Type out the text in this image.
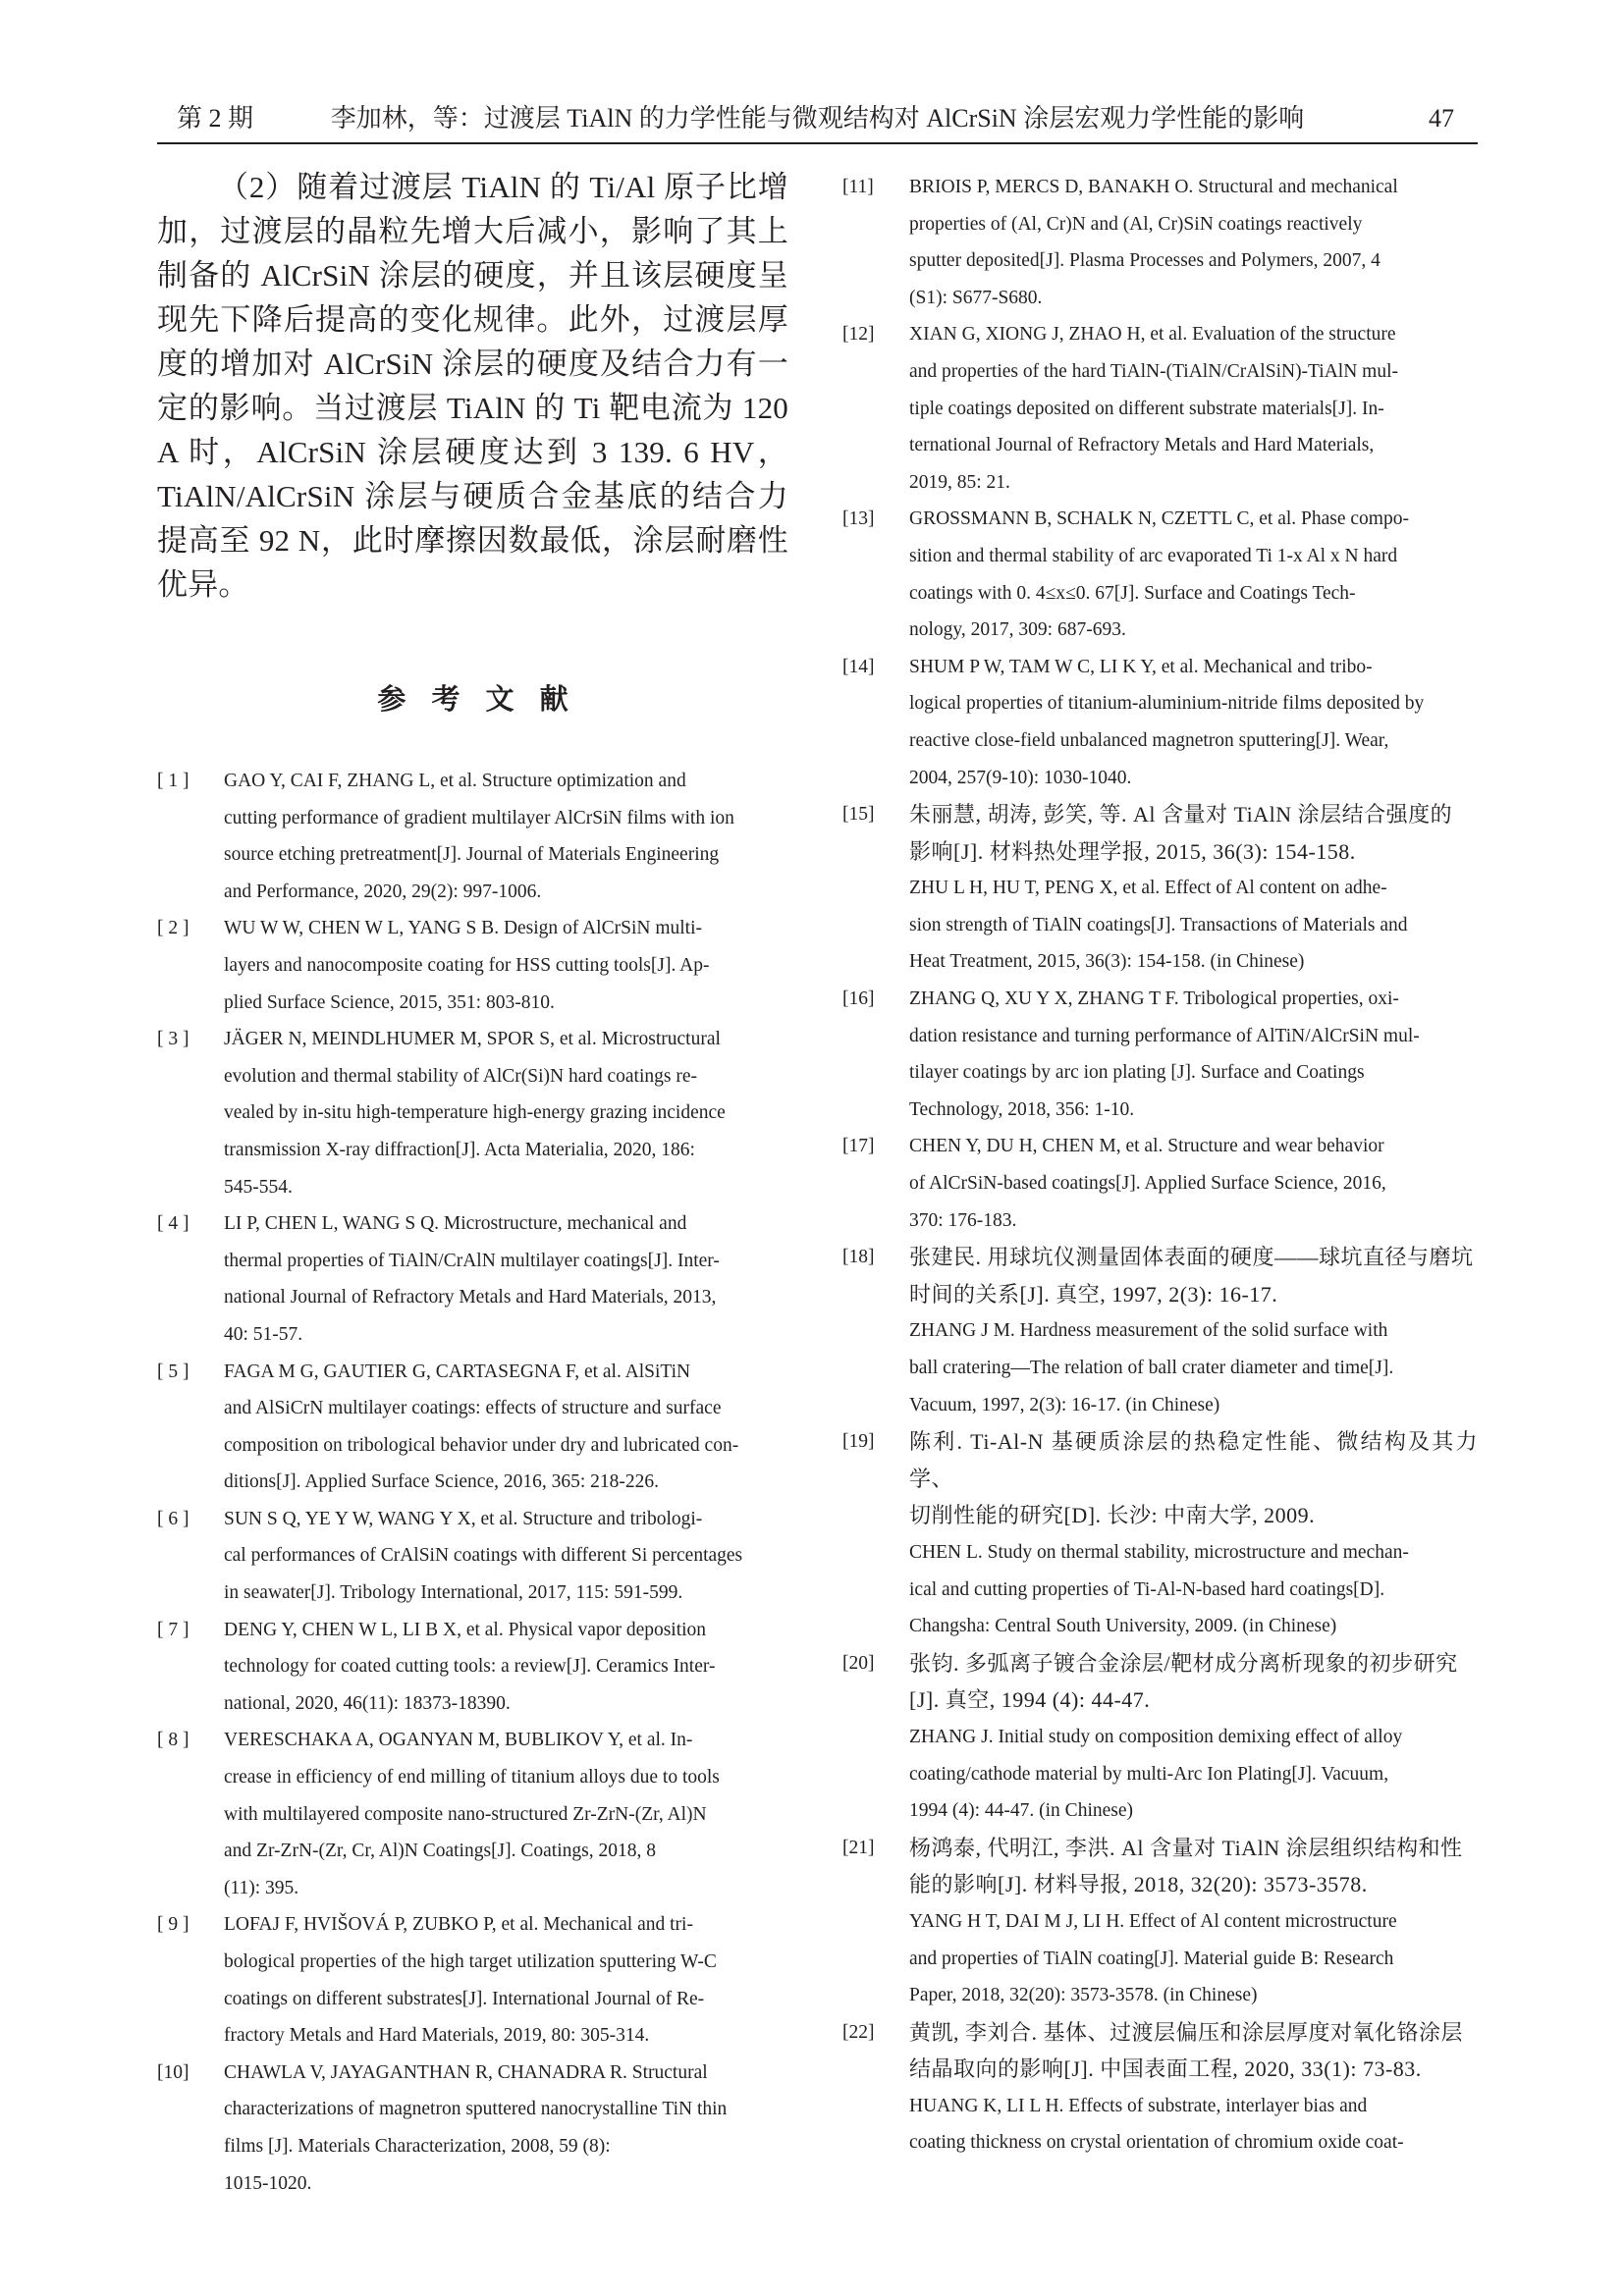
第 2 期	李加林，等：过渡层 TiAlN 的力学性能与微观结构对 AlCrSiN 涂层宏观力学性能的影响	47

（2）随着过渡层 TiAlN 的 Ti/Al 原子比增加，过渡层的晶粒先增大后减小，影响了其上制备的 AlCrSiN 涂层的硬度，并且该层硬度呈现先下降后提高的变化规律。此外，过渡层厚度的增加对 AlCrSiN 涂层的硬度及结合力有一定的影响。当过渡层 TiAlN 的 Ti 靶电流为 120 A 时，AlCrSiN 涂层硬度达到 3 139. 6 HV，TiAlN/AlCrSiN 涂层与硬质合金基底的结合力提高至 92 N，此时摩擦因数最低，涂层耐磨性优异。

参考文献
[ 1 ]	GAO Y, CAI F, ZHANG L, et al. Structure optimization and
cutting performance of gradient multilayer AlCrSiN films with ion
source etching pretreatment[J]. Journal of Materials Engineering
and Performance, 2020, 29(2): 997-1006.
[ 2 ]	WU W W, CHEN W L, YANG S B. Design of AlCrSiN multi-
layers and nanocomposite coating for HSS cutting tools[J]. Ap-
plied Surface Science, 2015, 351: 803-810.
[ 3 ]	JÄGER N, MEINDLHUMER M, SPOR S, et al. Microstructural
evolution and thermal stability of AlCr(Si)N hard coatings re-
vealed by in-situ high-temperature high-energy grazing incidence
transmission X-ray diffraction[J]. Acta Materialia, 2020, 186:
545-554.
[ 4 ]	LI P, CHEN L, WANG S Q. Microstructure, mechanical and
thermal properties of TiAlN/CrAlN multilayer coatings[J]. Inter-
national Journal of Refractory Metals and Hard Materials, 2013,
40: 51-57.
[ 5 ]	FAGA M G, GAUTIER G, CARTASEGNA F, et al. AlSiTiN
and AlSiCrN multilayer coatings: effects of structure and surface
composition on tribological behavior under dry and lubricated con-
ditions[J]. Applied Surface Science, 2016, 365: 218-226.
[ 6 ]	SUN S Q, YE Y W, WANG Y X, et al. Structure and tribologi-
cal performances of CrAlSiN coatings with different Si percentages
in seawater[J]. Tribology International, 2017, 115: 591-599.
[ 7 ]	DENG Y, CHEN W L, LI B X, et al. Physical vapor deposition
technology for coated cutting tools: a review[J]. Ceramics Inter-
national, 2020, 46(11): 18373-18390.
[ 8 ]	VERESCHAKA A, OGANYAN M, BUBLIKOV Y, et al. In-
crease in efficiency of end milling of titanium alloys due to tools
with multilayered composite nano-structured Zr-ZrN-(Zr, Al)N
and Zr-ZrN-(Zr, Cr, Al)N Coatings[J]. Coatings, 2018, 8
(11): 395.
[ 9 ]	LOFAJ F, HVIŠOVÁ P, ZUBKO P, et al. Mechanical and tri-
bological properties of the high target utilization sputtering W-C
coatings on different substrates[J]. International Journal of Re-
fractory Metals and Hard Materials, 2019, 80: 305-314.
[10]	CHAWLA V, JAYAGANTHAN R, CHANADRA R. Structural
characterizations of magnetron sputtered nanocrystalline TiN thin
films [J]. Materials Characterization, 2008, 59 (8):
1015-1020.
[11]	BRIOIS P, MERCS D, BANAKH O. Structural and mechanical
properties of (Al, Cr)N and (Al, Cr)SiN coatings reactively
sputter deposited[J]. Plasma Processes and Polymers, 2007, 4
(S1): S677-S680.
[12]	XIAN G, XIONG J, ZHAO H, et al. Evaluation of the structure
and properties of the hard TiAlN-(TiAlN/CrAlSiN)-TiAlN mul-
tiple coatings deposited on different substrate materials[J]. In-
ternational Journal of Refractory Metals and Hard Materials,
2019, 85: 21.
[13]	GROSSMANN B, SCHALK N, CZETTL C, et al. Phase compo-
sition and thermal stability of arc evaporated Ti 1-x Al x N hard
coatings with 0. 4≤x≤0. 67[J]. Surface and Coatings Tech-
nology, 2017, 309: 687-693.
[14]	SHUM P W, TAM W C, LI K Y, et al. Mechanical and tribo-
logical properties of titanium-aluminium-nitride films deposited by
reactive close-field unbalanced magnetron sputtering[J]. Wear,
2004, 257(9-10): 1030-1040.
[15]	朱丽慧, 胡涛, 彭笑, 等. Al 含量对 TiAlN 涂层结合强度的
影响[J]. 材料热处理学报, 2015, 36(3): 154-158.
ZHU L H, HU T, PENG X, et al. Effect of Al content on adhe-
sion strength of TiAlN coatings[J]. Transactions of Materials and
Heat Treatment, 2015, 36(3): 154-158. (in Chinese)
[16]	ZHANG Q, XU Y X, ZHANG T F. Tribological properties, oxi-
dation resistance and turning performance of AlTiN/AlCrSiN mul-
tilayer coatings by arc ion plating [J]. Surface and Coatings
Technology, 2018, 356: 1-10.
[17]	CHEN Y, DU H, CHEN M, et al. Structure and wear behavior
of AlCrSiN-based coatings[J]. Applied Surface Science, 2016,
370: 176-183.
[18]	张建民. 用球坑仪测量固体表面的硬度——球坑直径与磨坑
时间的关系[J]. 真空, 1997, 2(3): 16-17.
ZHANG J M. Hardness measurement of the solid surface with
ball cratering—The relation of ball crater diameter and time[J].
Vacuum, 1997, 2(3): 16-17. (in Chinese)
[19]	陈利. Ti-Al-N 基硬质涂层的热稳定性能、微结构及其力学、
切削性能的研究[D]. 长沙: 中南大学, 2009.
CHEN L. Study on thermal stability, microstructure and mechan-
ical and cutting properties of Ti-Al-N-based hard coatings[D].
Changsha: Central South University, 2009. (in Chinese)
[20]	张钧. 多弧离子镀合金涂层/靶材成分离析现象的初步研究
[J]. 真空, 1994 (4): 44-47.
ZHANG J. Initial study on composition demixing effect of alloy
coating/cathode material by multi-Arc Ion Plating[J]. Vacuum,
1994 (4): 44-47. (in Chinese)
[21]	杨鸿泰, 代明江, 李洪. Al 含量对 TiAlN 涂层组织结构和性
能的影响[J]. 材料导报, 2018, 32(20): 3573-3578.
YANG H T, DAI M J, LI H. Effect of Al content microstructure
and properties of TiAlN coating[J]. Material guide B: Research
Paper, 2018, 32(20): 3573-3578. (in Chinese)
[22]	黄凯, 李刘合. 基体、过渡层偏压和涂层厚度对氧化铬涂层
结晶取向的影响[J]. 中国表面工程, 2020, 33(1): 73-83.
HUANG K, LI L H. Effects of substrate, interlayer bias and
coating thickness on crystal orientation of chromium oxide coat-
